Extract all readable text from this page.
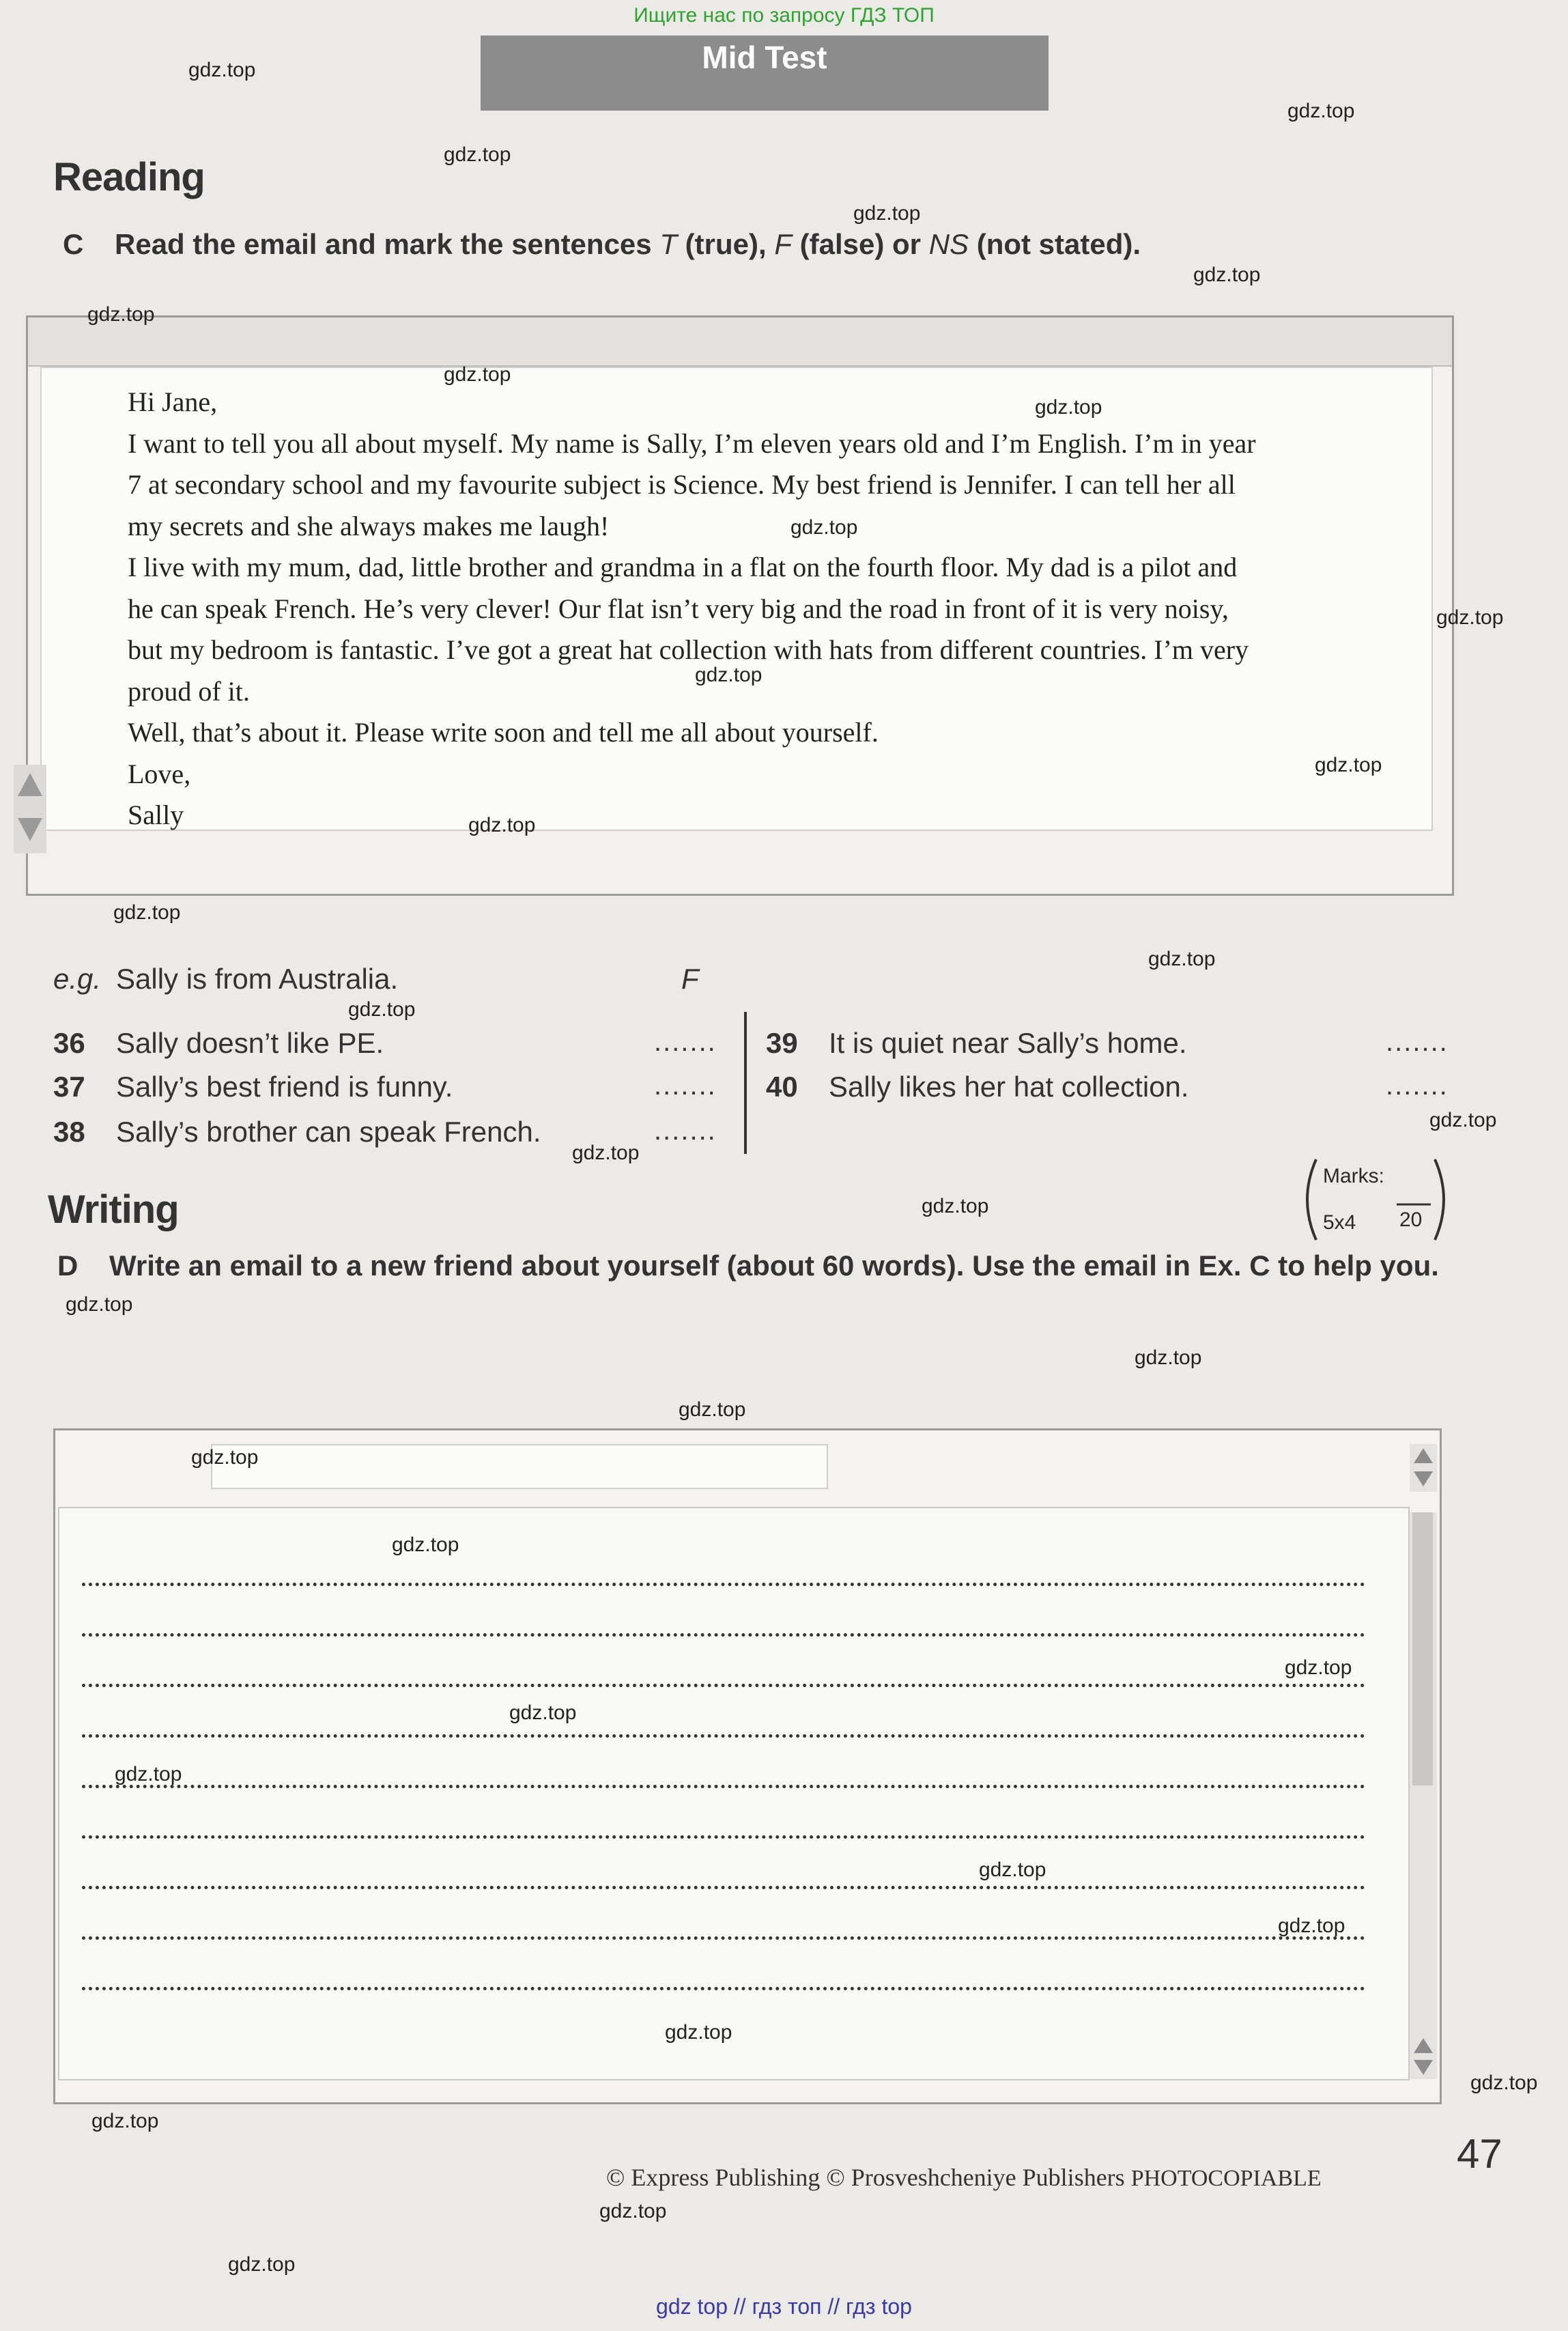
Ищите нас по запросу ГДЗ ТОП
Mid Test
Reading
C Read the email and mark the sentences T (true), F (false) or NS (not stated).
Hi Jane,
I want to tell you all about myself. My name is Sally, I’m eleven years old and I’m English. I’m in year
7 at secondary school and my favourite subject is Science. My best friend is Jennifer. I can tell her all
my secrets and she always makes me laugh!
I live with my mum, dad, little brother and grandma in a flat on the fourth floor. My dad is a pilot and
he can speak French. He’s very clever! Our flat isn’t very big and the road in front of it is very noisy,
but my bedroom is fantastic. I’ve got a great hat collection with hats from different countries. I’m very
proud of it.
Well, that’s about it. Please write soon and tell me all about yourself.
Love,
Sally
e.g. Sally is from Australia.	F
36 Sally doesn’t like PE.	.......
37 Sally’s best friend is funny.	.......
38 Sally’s brother can speak French.	.......
39 It is quiet near Sally’s home.	.......
40 Sally likes her hat collection.	.......
Marks:
20
5x4
Writing
D Write an email to a new friend about yourself (about 60 words). Use the email in Ex. C to help you.
© Express Publishing © Prosveshcheniye Publishers PHOTOCOPIABLE
47
gdz.top
gdz.top
gdz.top
gdz.top
gdz.top
gdz.top
gdz.top
gdz.top
gdz.top
gdz.top
gdz.top
gdz.top
gdz.top
gdz.top
gdz.top
gdz.top
gdz.top
gdz.top
gdz.top
gdz.top
gdz.top
gdz.top
gdz.top
gdz.top
gdz.top
gdz.top
gdz.top
gdz.top
gdz.top
gdz.top
gdz.top
gdz.top
gdz.top
gdz.top
gdz top // гдз топ // гдз top
